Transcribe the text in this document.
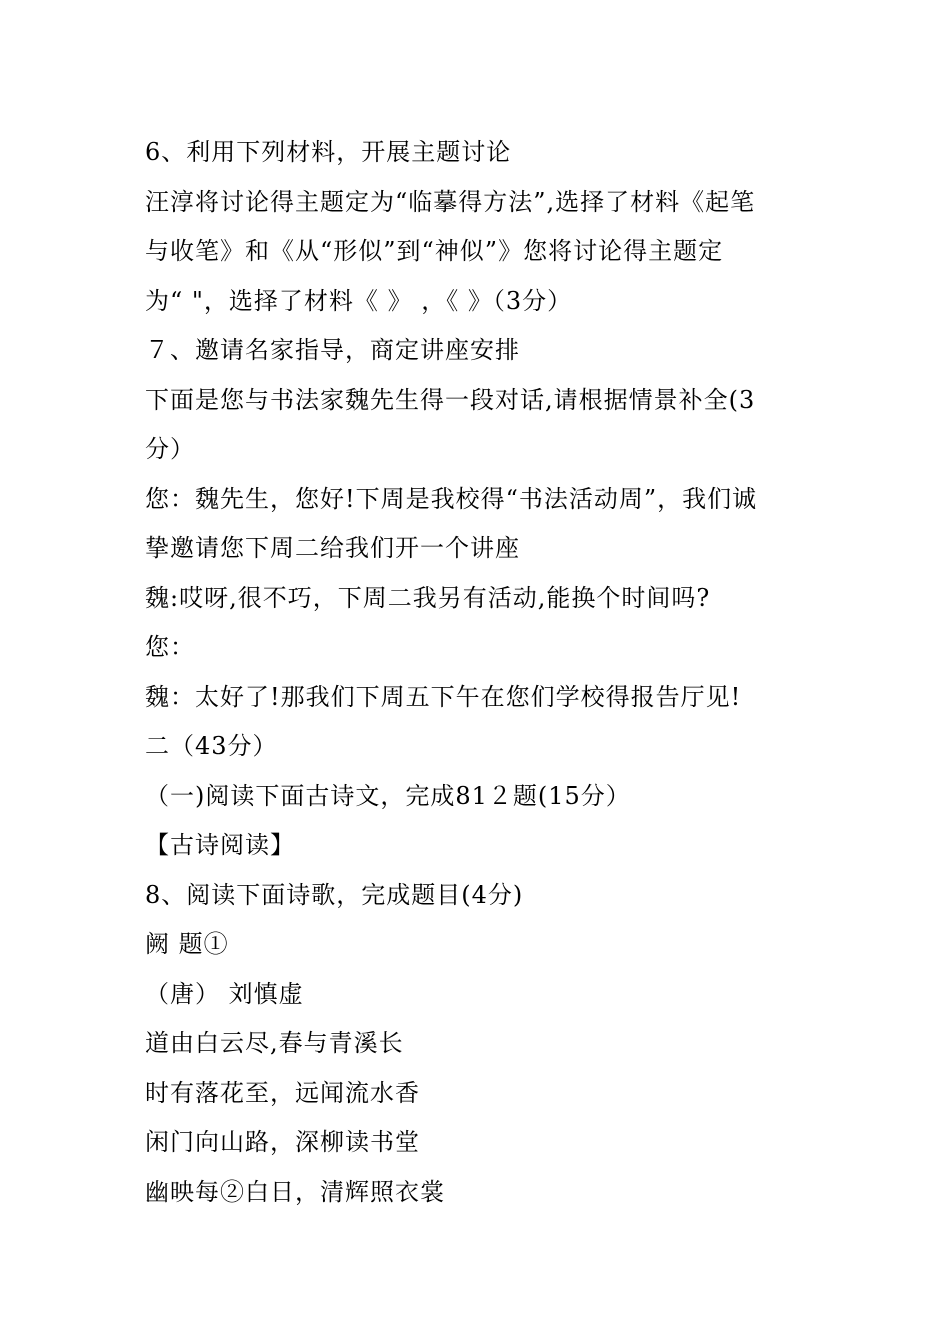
6、利用下列材料，开展主题讨论
汪淳将讨论得主题定为“临摹得方法”,选择了材料《起笔
与收笔》和《从“形似”到“神似”》您将讨论得主题定
为“ "，选择了材料《 》 ，《 》（3分）
７、邀请名家指导，商定讲座安排
下面是您与书法家魏先生得一段对话,请根据情景补全(3
分）
您：魏先生，您好!下周是我校得“书法活动周”，我们诚
挚邀请您下周二给我们开一个讲座
魏:哎呀,很不巧，下周二我另有活动,能换个时间吗?
您：
魏：太好了!那我们下周五下午在您们学校得报告厅见!
二（43分）
（一)阅读下面古诗文，完成81２题(15分）
【古诗阅读】
8、阅读下面诗歌，完成题目(4分)
阙 题①
（唐） 刘慎虚
道由白云尽,春与青溪长
时有落花至，远闻流水香
闲门向山路，深柳读书堂
幽映每②白日，清辉照衣裳
